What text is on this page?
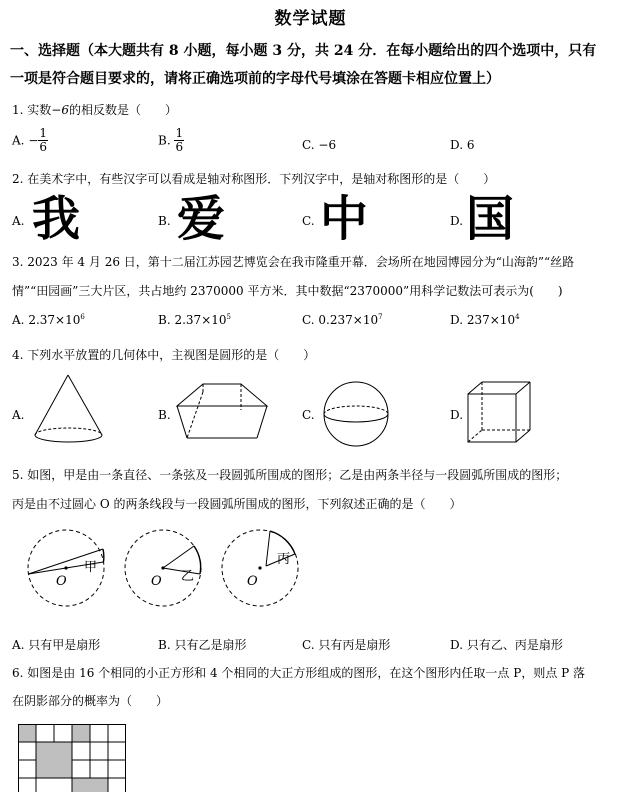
数学试题
一、选择题（本大题共有 8 小题，每小题 3 分，共 24 分．在每小题给出的四个选项中，只有
一项是符合题目要求的，请将正确选项前的字母代号填涂在答题卡相应位置上）
1. 实数−6的相反数是（　　）
A. − $\frac{1}{6}$	B. $\frac{1}{6}$	C. −6	D. 6
2. 在美术字中，有些汉字可以看成是轴对称图形．下列汉字中，是轴对称图形的是（　　）
A. 我	B. 爱	C. 中	D. 国
3. 2023 年 4 月 26 日，第十二届江苏园艺博览会在我市隆重开幕．会场所在地园博园分为“山海韵”“丝路
情”“田园画”三大片区，共占地约 2370000 平方米．其中数据“2370000”用科学记数法可表示为(　　)
A. $2.37\times 10^6$	B. $2.37\times 10^5$	C. $0.237\times 10^7$	D. $237\times 10^4$
4. 下列水平放置的几何体中，主视图是圆形的是（　　）
A.	B.	C.	D.
5. 如图，甲是由一条直径、一条弦及一段圆弧所围成的图形；乙是由两条半径与一段圆弧所围成的图形；
丙是由不过圆心 O 的两条线段与一段圆弧所围成的图形，下列叙述正确的是（　　）
甲
O	乙
O
丙
O
A. 只有甲是扇形	B. 只有乙是扇形	C. 只有丙是扇形	D. 只有乙、丙是扇形
6. 如图是由 16 个相同的小正方形和 4 个相同的大正方形组成的图形，在这个图形内任取一点 P，则点 P 落
在阴影部分的概率为（　　）
